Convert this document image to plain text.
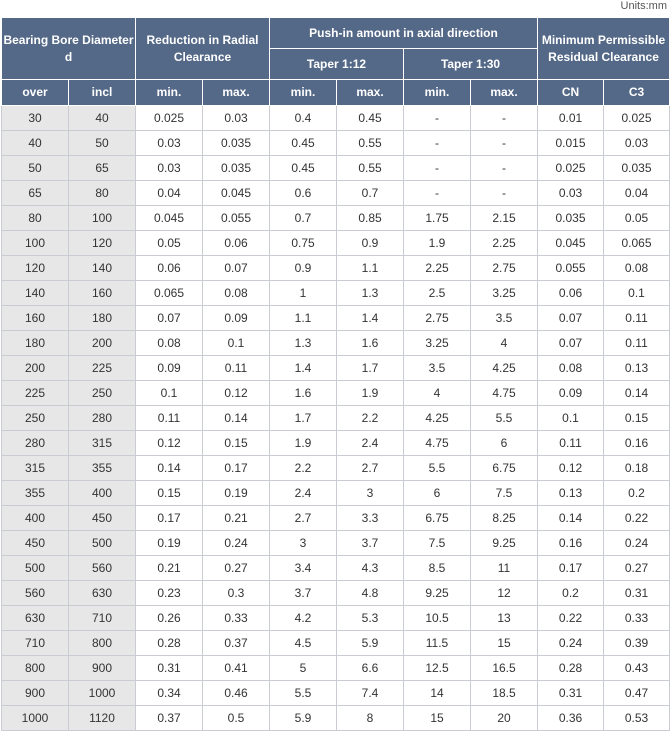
Units:mm
Bearing Bore Diameter d		Reduction in Radial Clearance		Push-in amount in axial direction				Minimum Permissible Residual Clearance	
				Taper 1:12		Taper 1:30			
over	incl	min.	max.	min.	max.	min.	max.	CN	C3
30	40	0.025	0.03	0.4	0.45	-	-	0.01	0.025
40	50	0.03	0.035	0.45	0.55	-	-	0.015	0.03
50	65	0.03	0.035	0.45	0.55	-	-	0.025	0.035
65	80	0.04	0.045	0.6	0.7	-	-	0.03	0.04
80	100	0.045	0.055	0.7	0.85	1.75	2.15	0.035	0.05
100	120	0.05	0.06	0.75	0.9	1.9	2.25	0.045	0.065
120	140	0.06	0.07	0.9	1.1	2.25	2.75	0.055	0.08
140	160	0.065	0.08	1	1.3	2.5	3.25	0.06	0.1
160	180	0.07	0.09	1.1	1.4	2.75	3.5	0.07	0.11
180	200	0.08	0.1	1.3	1.6	3.25	4	0.07	0.11
200	225	0.09	0.11	1.4	1.7	3.5	4.25	0.08	0.13
225	250	0.1	0.12	1.6	1.9	4	4.75	0.09	0.14
250	280	0.11	0.14	1.7	2.2	4.25	5.5	0.1	0.15
280	315	0.12	0.15	1.9	2.4	4.75	6	0.11	0.16
315	355	0.14	0.17	2.2	2.7	5.5	6.75	0.12	0.18
355	400	0.15	0.19	2.4	3	6	7.5	0.13	0.2
400	450	0.17	0.21	2.7	3.3	6.75	8.25	0.14	0.22
450	500	0.19	0.24	3	3.7	7.5	9.25	0.16	0.24
500	560	0.21	0.27	3.4	4.3	8.5	11	0.17	0.27
560	630	0.23	0.3	3.7	4.8	9.25	12	0.2	0.31
630	710	0.26	0.33	4.2	5.3	10.5	13	0.22	0.33
710	800	0.28	0.37	4.5	5.9	11.5	15	0.24	0.39
800	900	0.31	0.41	5	6.6	12.5	16.5	0.28	0.43
900	1000	0.34	0.46	5.5	7.4	14	18.5	0.31	0.47
1000	1120	0.37	0.5	5.9	8	15	20	0.36	0.53
